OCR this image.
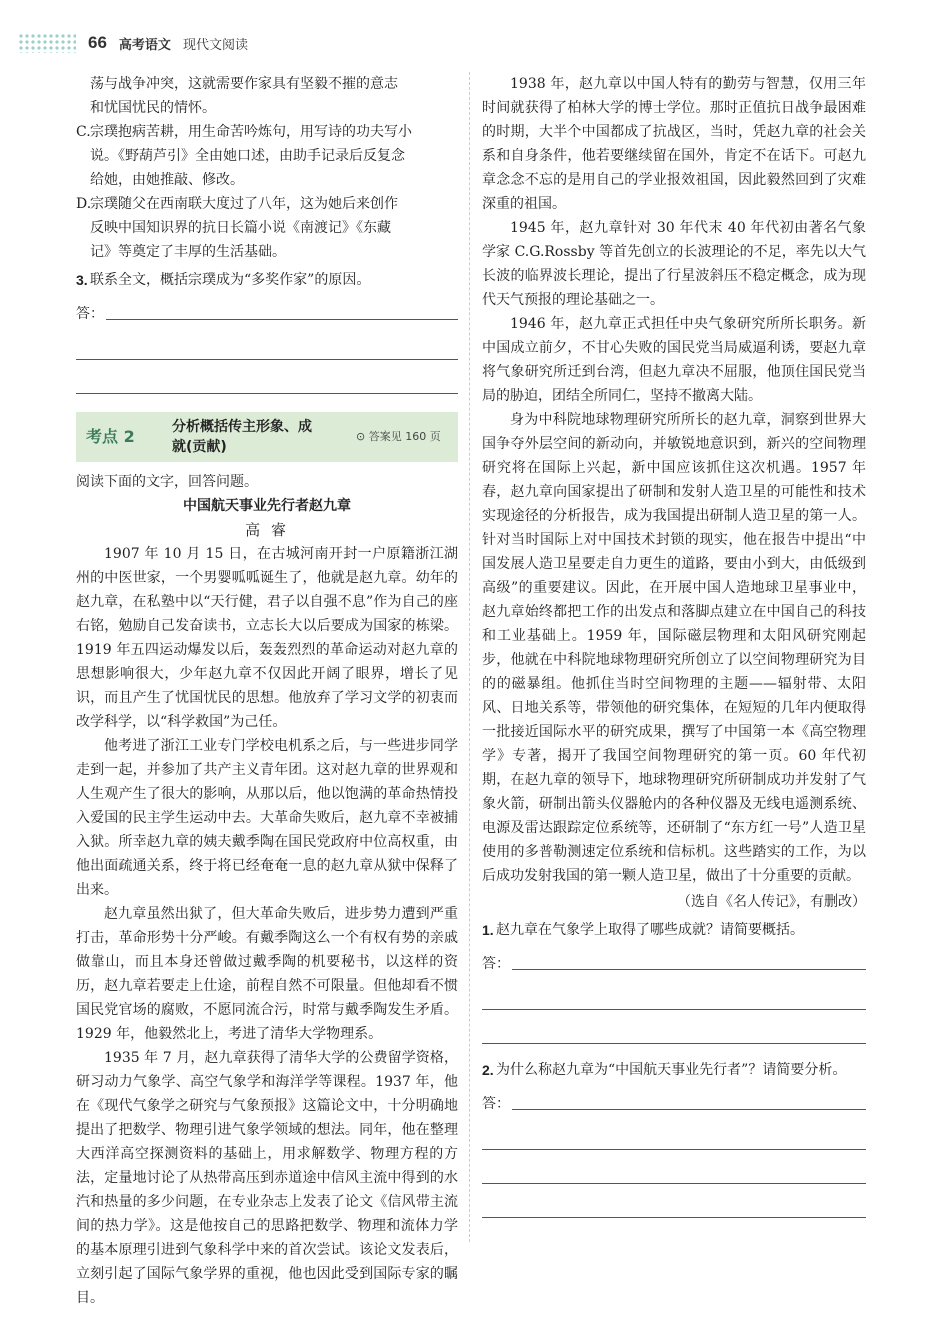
66 高考语文 现代文阅读

荡与战争冲突，这就需要作家具有坚毅不摧的意志

和忧国忧民的情怀。

C. 宗璞抱病苦耕，用生命苦吟炼句，用写诗的功夫写小

说。《野葫芦引》全由她口述，由助手记录后反复念

给她，由她推敲、修改。

D.

宗璞随父在西南联大度过了八年，这为她后来创作

反映中国知识界的抗日长篇小说《南渡记》《东藏

记》等奠定了丰厚的生活基础。

3. 联系全文，概括宗璞成为“多奖作家”的原因。
答：
考点 2	分析概括传主形象、成
就(贡献)
⊙ 答案见 160 页

阅读下面的文字，回答问题。

中国航天事业先行者赵九章

高 睿

1907 年 10 月 15 日，在古城河南开封一户原籍浙江湖州的中医世家，一个男婴呱呱诞生了，他就是赵九章。幼年的赵九章，在私塾中以“天行健，君子以自强不息”作为自己的座右铭，勉励自己发奋读书，立志长大以后要成为国家的栋梁。1919 年五四运动爆发以后，轰轰烈烈的革命运动对赵九章的思想影响很大，少年赵九章不仅因此开阔了眼界，增长了见识，而且产生了忧国忧民的思想。他放弃了学习文学的初衷而改学科学，以“科学救国”为己任。

他考进了浙江工业专门学校电机系之后，与一些进步同学走到一起，并参加了共产主义青年团。这对赵九章的世界观和人生观产生了很大的影响，从那以后，他以饱满的革命热情投入爱国的民主学生运动中去。大革命失败后，赵九章不幸被捕入狱。所幸赵九章的姨夫戴季陶在国民党政府中位高权重，由他出面疏通关系，终于将已经奄奄一息的赵九章从狱中保释了出来。

赵九章虽然出狱了，但大革命失败后，进步势力遭到严重打击，革命形势十分严峻。有戴季陶这么一个有权有势的亲戚做靠山，而且本身还曾做过戴季陶的机要秘书，以这样的资历，赵九章若要走上仕途，前程自然不可限量。但他却看不惯国民党官场的腐败，不愿同流合污，时常与戴季陶发生矛盾。1929 年，他毅然北上，考进了清华大学物理系。

1935 年 7 月，赵九章获得了清华大学的公费留学资格，研习动力气象学、高空气象学和海洋学等课程。1937 年，他在《现代气象学之研究与气象预报》这篇论文中，十分明确地提出了把数学、物理引进气象学领域的想法。同年，他在整理大西洋高空探测资料的基础上，用求解数学、物理方程的方法，定量地讨论了从热带高压到赤道途中信风主流中得到的水汽和热量的多少问题，在专业杂志上发表了论文《信风带主流间的热力学》。这是他按自己的思路把数学、物理和流体力学的基本原理引进到气象科学中来的首次尝试。该论文发表后，立刻引起了国际气象学界的重视，他也因此受到国际专家的瞩目。

1938 年，赵九章以中国人特有的勤劳与智慧，仅用三年时间就获得了柏林大学的博士学位。那时正值抗日战争最困难的时期，大半个中国都成了抗战区，当时，凭赵九章的社会关系和自身条件，他若要继续留在国外，肯定不在话下。可赵九章念念不忘的是用自己的学业报效祖国，因此毅然回到了灾难深重的祖国。

1945 年，赵九章针对 30 年代末 40 年代初由著名气象学家 C.G.Rossby 等首先创立的长波理论的不足，率先以大气长波的临界波长理论，提出了行星波斜压不稳定概念，成为现代天气预报的理论基础之一。

1946 年，赵九章正式担任中央气象研究所所长职务。新中国成立前夕，不甘心失败的国民党当局威逼利诱，要赵九章将气象研究所迁到台湾，但赵九章决不屈服，他顶住国民党当局的胁迫，团结全所同仁，坚持不撤离大陆。

身为中科院地球物理研究所所长的赵九章，洞察到世界大国争夺外层空间的新动向，并敏锐地意识到，新兴的空间物理研究将在国际上兴起，新中国应该抓住这次机遇。1957 年春，赵九章向国家提出了研制和发射人造卫星的可能性和技术实现途径的分析报告，成为我国提出研制人造卫星的第一人。针对当时国际上对中国技术封锁的现实，他在报告中提出“中国发展人造卫星要走自力更生的道路，要由小到大，由低级到高级”的重要建议。因此，在开展中国人造地球卫星事业中，赵九章始终都把工作的出发点和落脚点建立在中国自己的科技和工业基础上。1959 年，国际磁层物理和太阳风研究刚起步，他就在中科院地球物理研究所创立了以空间物理研究为目的的磁暴组。他抓住当时空间物理的主题——辐射带、太阳风、日地关系等，带领他的研究集体，在短短的几年内便取得一批接近国际水平的研究成果，撰写了中国第一本《高空物理学》专著，揭开了我国空间物理研究的第一页。60 年代初期，在赵九章的领导下，地球物理研究所研制成功并发射了气象火箭，研制出箭头仪器舱内的各种仪器及无线电遥测系统、电源及雷达跟踪定位系统等，还研制了“东方红一号”人造卫星使用的多普勒测速定位系统和信标机。这些踏实的工作，为以后成功发射我国的第一颗人造卫星，做出了十分重要的贡献。

（选自《名人传记》，有删改）

1. 赵九章在气象学上取得了哪些成就？请简要概括。
答：
2. 为什么称赵九章为“中国航天事业先行者”？请简要分析。
答：
